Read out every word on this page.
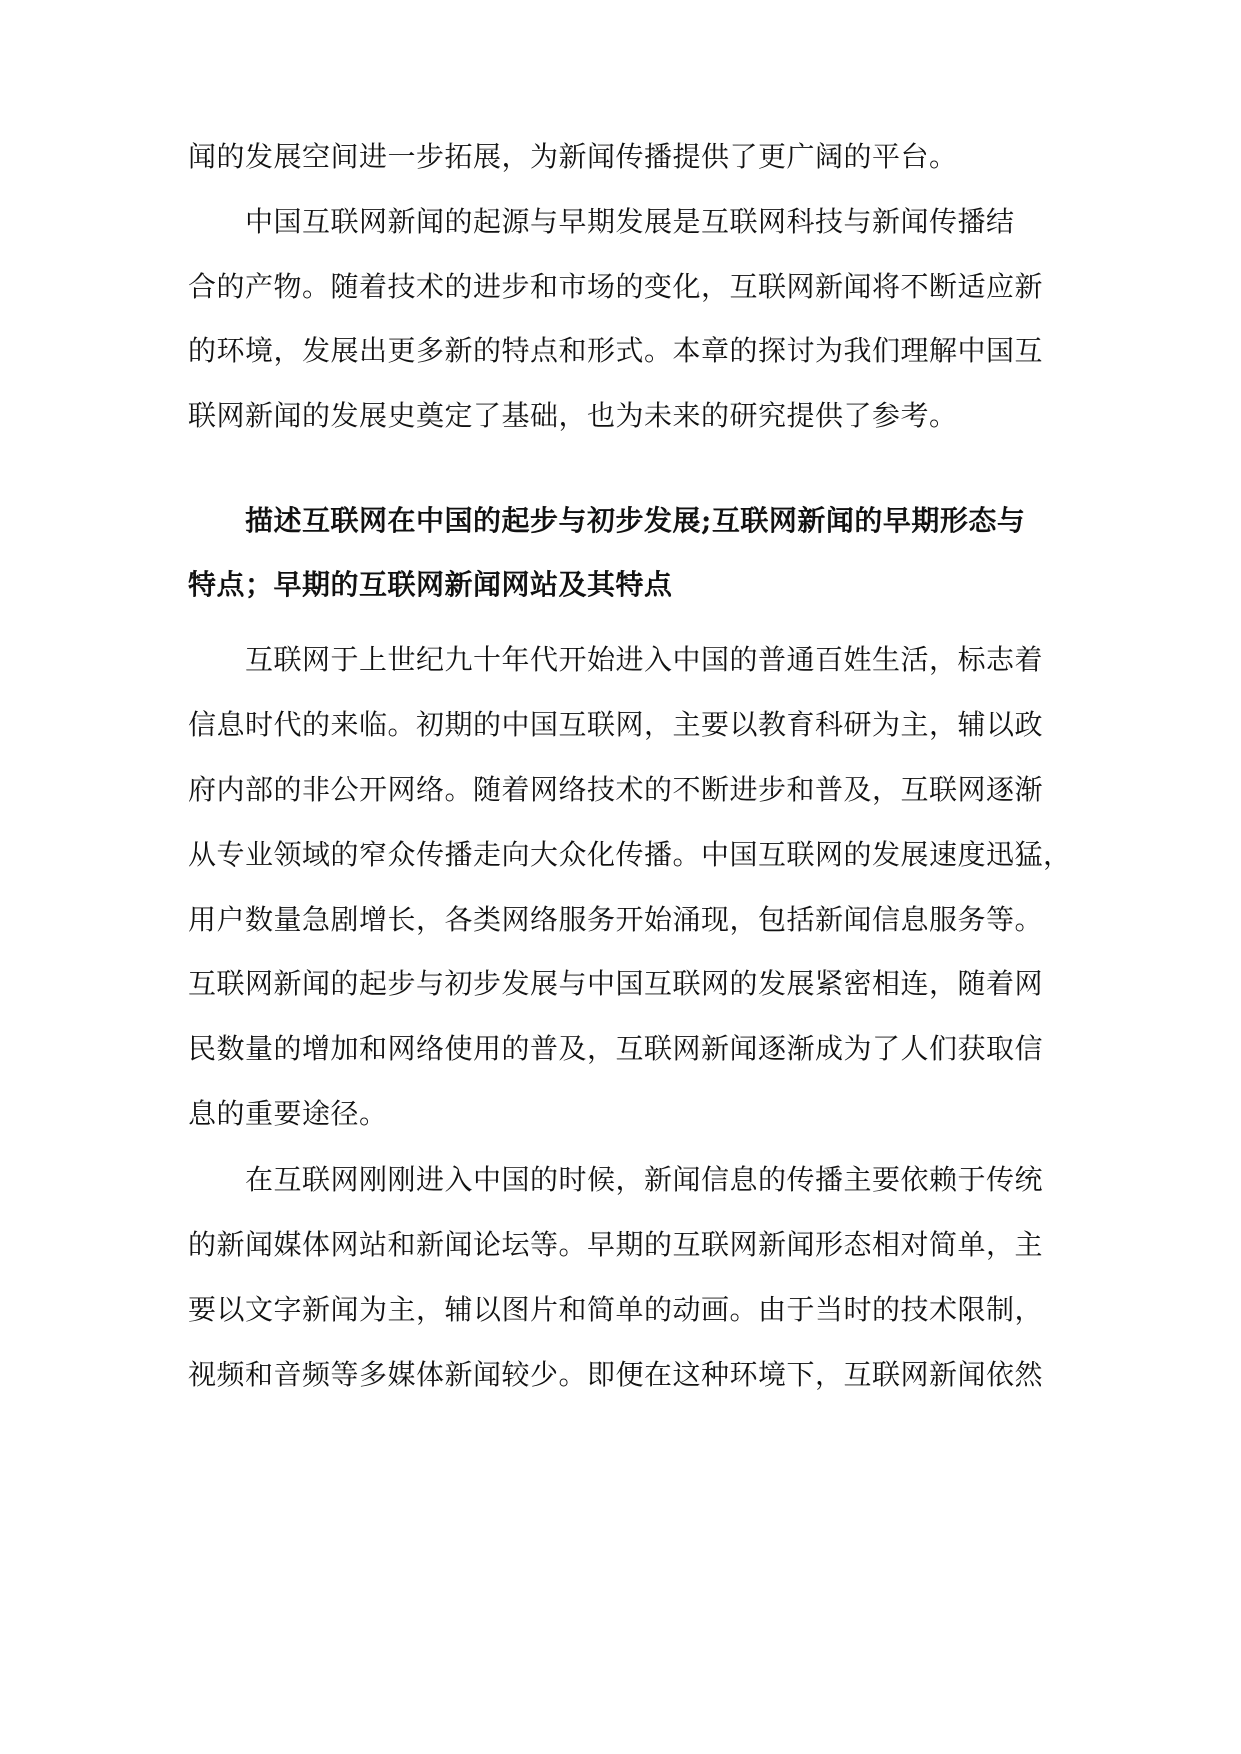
闻的发展空间进一步拓展，为新闻传播提供了更广阔的平台。
中国互联网新闻的起源与早期发展是互联网科技与新闻传播结
合的产物。随着技术的进步和市场的变化，互联网新闻将不断适应新
的环境，发展出更多新的特点和形式。本章的探讨为我们理解中国互
联网新闻的发展史奠定了基础，也为未来的研究提供了参考。
描述互联网在中国的起步与初步发展;互联网新闻的早期形态与
特点；早期的互联网新闻网站及其特点
互联网于上世纪九十年代开始进入中国的普通百姓生活，标志着
信息时代的来临。初期的中国互联网，主要以教育科研为主，辅以政
府内部的非公开网络。随着网络技术的不断进步和普及，互联网逐渐
从专业领域的窄众传播走向大众化传播。中国互联网的发展速度迅猛，
用户数量急剧增长，各类网络服务开始涌现，包括新闻信息服务等。
互联网新闻的起步与初步发展与中国互联网的发展紧密相连，随着网
民数量的增加和网络使用的普及，互联网新闻逐渐成为了人们获取信
息的重要途径。
在互联网刚刚进入中国的时候，新闻信息的传播主要依赖于传统
的新闻媒体网站和新闻论坛等。早期的互联网新闻形态相对简单，主
要以文字新闻为主，辅以图片和简单的动画。由于当时的技术限制，
视频和音频等多媒体新闻较少。即便在这种环境下，互联网新闻依然
